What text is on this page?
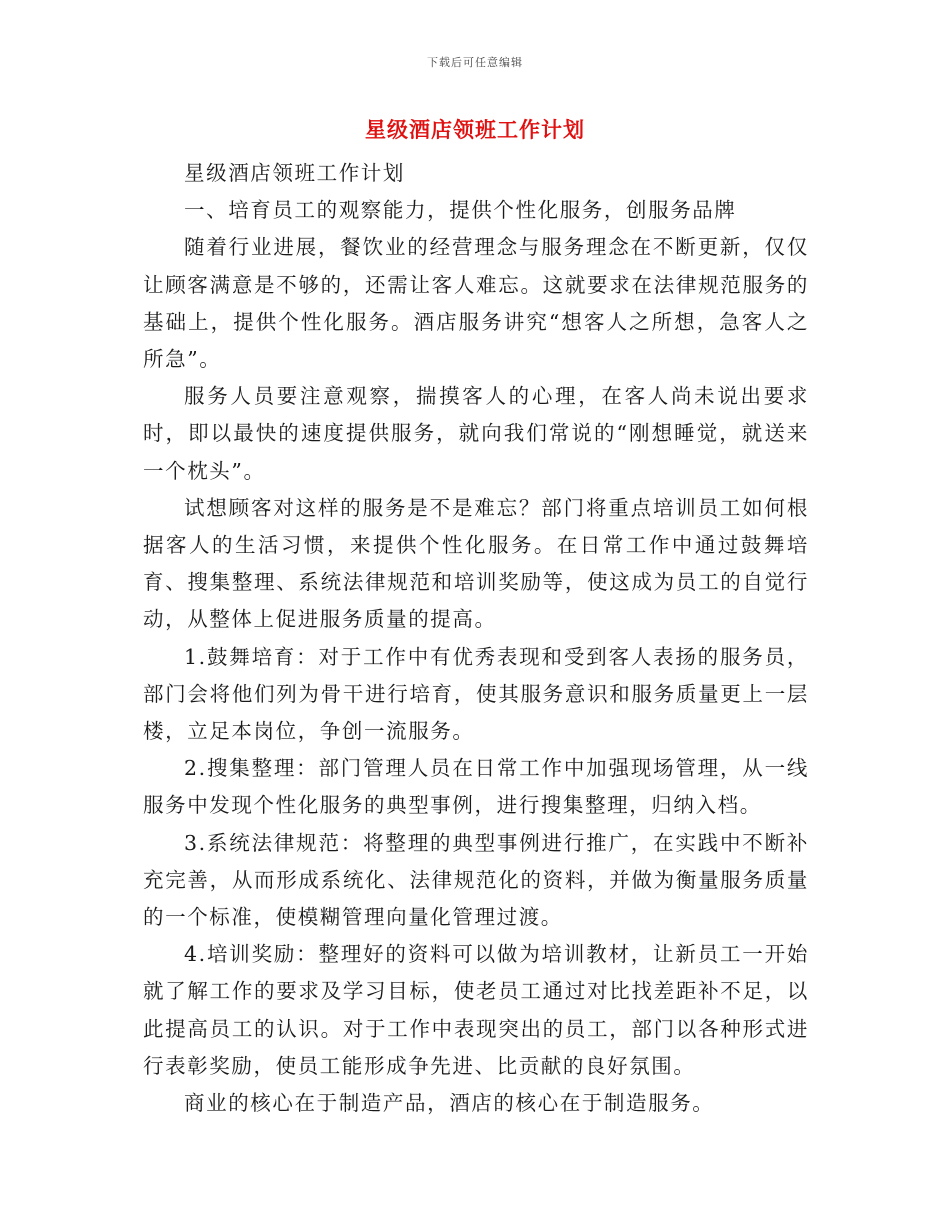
下载后可任意编辑
星级酒店领班工作计划

星级酒店领班工作计划

一、培育员工的观察能力，提供个性化服务，创服务品牌

随着行业进展，餐饮业的经营理念与服务理念在不断更新，仅仅让顾客满意是不够的，还需让客人难忘。这就要求在法律规范服务的基础上，提供个性化服务。酒店服务讲究“想客人之所想，急客人之所急”。

服务人员要注意观察，揣摸客人的心理，在客人尚未说出要求时，即以最快的速度提供服务，就向我们常说的“刚想睡觉，就送来一个枕头”。

试想顾客对这样的服务是不是难忘？部门将重点培训员工如何根据客人的生活习惯，来提供个性化服务。在日常工作中通过鼓舞培育、搜集整理、系统法律规范和培训奖励等，使这成为员工的自觉行动，从整体上促进服务质量的提高。

1.鼓舞培育：对于工作中有优秀表现和受到客人表扬的服务员，部门会将他们列为骨干进行培育，使其服务意识和服务质量更上一层楼，立足本岗位，争创一流服务。

2.搜集整理：部门管理人员在日常工作中加强现场管理，从一线服务中发现个性化服务的典型事例，进行搜集整理，归纳入档。

3.系统法律规范：将整理的典型事例进行推广，在实践中不断补充完善，从而形成系统化、法律规范化的资料，并做为衡量服务质量的一个标准，使模糊管理向量化管理过渡。

4.培训奖励：整理好的资料可以做为培训教材，让新员工一开始就了解工作的要求及学习目标，使老员工通过对比找差距补不足，以此提高员工的认识。对于工作中表现突出的员工，部门以各种形式进行表彰奖励，使员工能形成争先进、比贡献的良好氛围。

商业的核心在于制造产品，酒店的核心在于制造服务。
